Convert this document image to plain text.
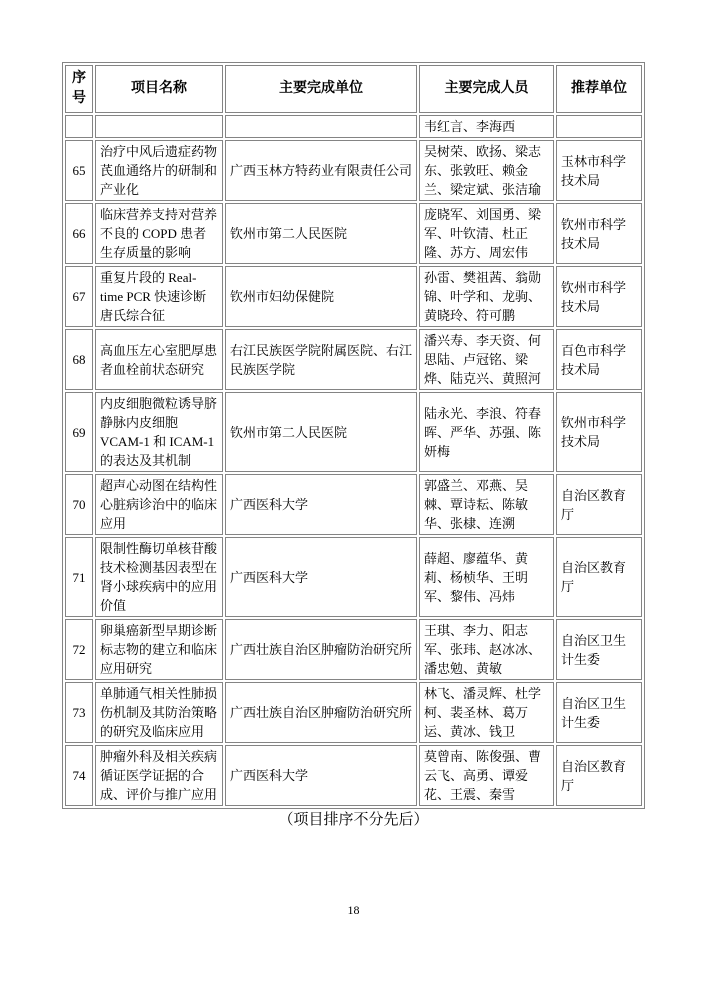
序号	项目名称	主要完成单位	主要完成人员	推荐单位
			韦红言、李海西	
65	治疗中风后遗症药物芪血通络片的研制和产业化	广西玉林方特药业有限责任公司	吴树荣、欧扬、梁志东、张敦旺、赖金兰、梁定斌、张洁瑜	玉林市科学技术局
66	临床营养支持对营养不良的 COPD 患者生存质量的影响	钦州市第二人民医院	庞晓军、刘国勇、梁军、叶钦清、杜正隆、苏方、周宏伟	钦州市科学技术局
67	重复片段的 Real-time PCR 快速诊断唐氏综合征	钦州市妇幼保健院	孙雷、樊祖茜、翁勋锦、叶学和、龙驹、黄晓玲、符可鹏	钦州市科学技术局
68	高血压左心室肥厚患者血栓前状态研究	右江民族医学院附属医院、右江民族医学院	潘兴寿、李天资、何思陆、卢冠铭、梁烨、陆克兴、黄照河	百色市科学技术局
69	内皮细胞微粒诱导脐静脉内皮细胞 VCAM-1 和 ICAM-1 的表达及其机制	钦州市第二人民医院	陆永光、李浪、符春晖、严华、苏强、陈妍梅	钦州市科学技术局
70	超声心动图在结构性心脏病诊治中的临床应用	广西医科大学	郭盛兰、邓燕、吴棘、覃诗耘、陈敏华、张棣、连溯	自治区教育厅
71	限制性酶切单核苷酸技术检测基因表型在肾小球疾病中的应用价值	广西医科大学	薛超、廖蕴华、黄莉、杨桢华、王明军、黎伟、冯炜	自治区教育厅
72	卵巢癌新型早期诊断标志物的建立和临床应用研究	广西壮族自治区肿瘤防治研究所	王琪、李力、阳志军、张玮、赵冰冰、潘忠勉、黄敏	自治区卫生计生委
73	单肺通气相关性肺损伤机制及其防治策略的研究及临床应用	广西壮族自治区肿瘤防治研究所	林飞、潘灵辉、杜学柯、裴圣林、葛万运、黄冰、钱卫	自治区卫生计生委
74	肿瘤外科及相关疾病循证医学证据的合成、评价与推广应用	广西医科大学	莫曾南、陈俊强、曹云飞、高勇、谭爱花、王震、秦雪	自治区教育厅
（项目排序不分先后）
18
